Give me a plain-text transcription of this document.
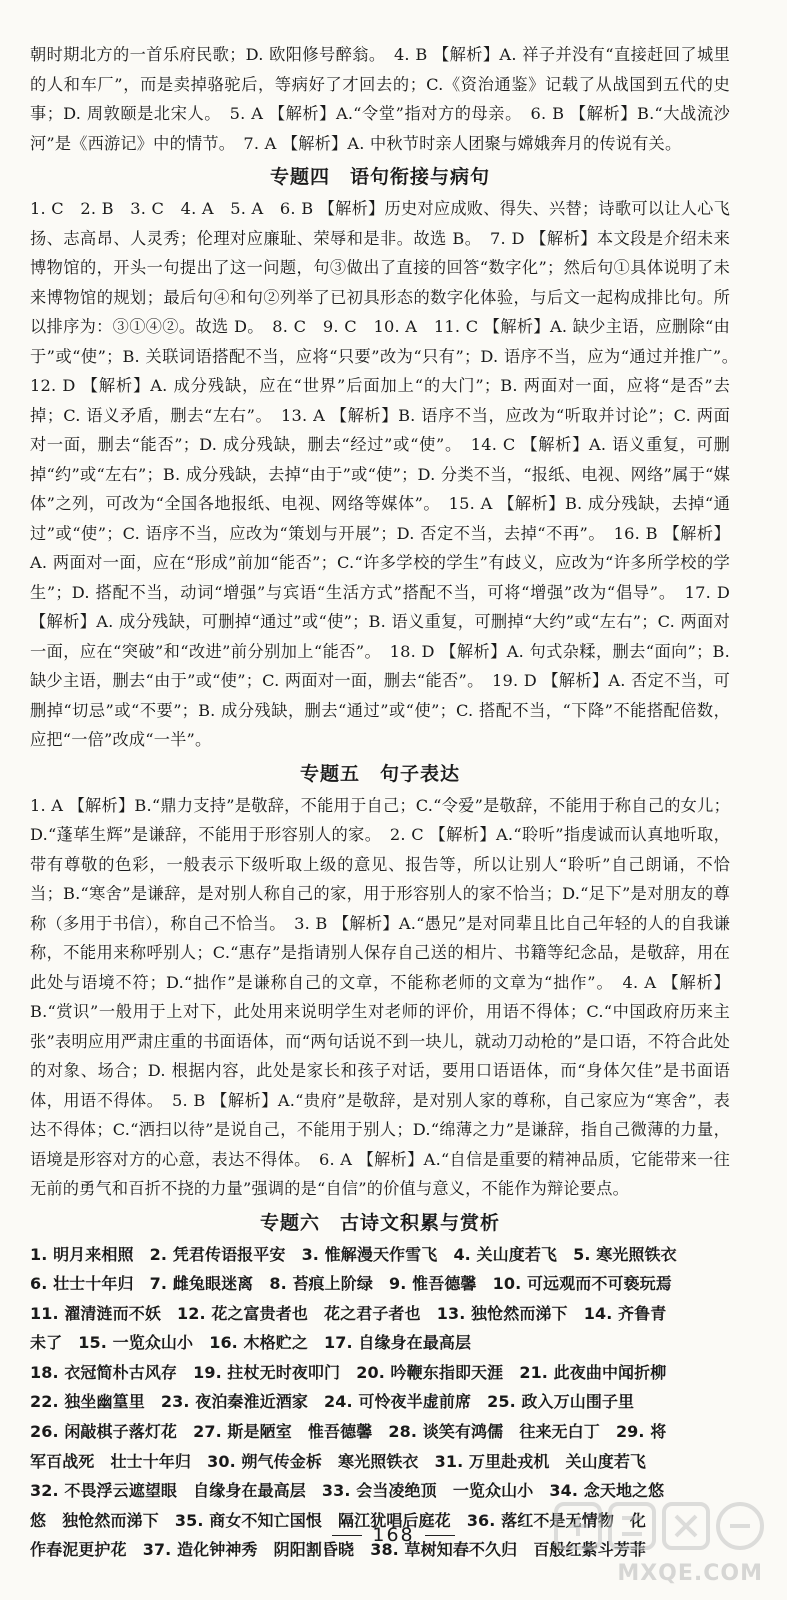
朝时期北方的一首乐府民歌；D. 欧阳修号醉翁。　4. B 【解析】A. 祥子并没有“直接赶回了城里的人和车厂”，而是卖掉骆驼后，等病好了才回去的；C.《资治通鉴》记载了从战国到五代的史事；D. 周敦颐是北宋人。　5. A 【解析】A.“令堂”指对方的母亲。　6. B 【解析】B.“大战流沙河”是《西游记》中的情节。　7. A 【解析】A. 中秋节时亲人团聚与嫦娥奔月的传说有关。

专题四　语句衔接与病句

1. C　2. B　3. C　4. A　5. A　6. B 【解析】历史对应成败、得失、兴替；诗歌可以让人心飞扬、志高昂、人灵秀；伦理对应廉耻、荣辱和是非。故选 B。　7. D 【解析】本文段是介绍未来博物馆的，开头一句提出了这一问题，句③做出了直接的回答“数字化”；然后句①具体说明了未来博物馆的规划；最后句④和句②列举了已初具形态的数字化体验，与后文一起构成排比句。所以排序为：③①④②。故选 D。　8. C　9. C　10. A　11. C 【解析】A. 缺少主语，应删除“由于”或“使”；B. 关联词语搭配不当，应将“只要”改为“只有”；D. 语序不当，应为“通过并推广”。　12. D 【解析】A. 成分残缺，应在“世界”后面加上“的大门”；B. 两面对一面，应将“是否”去掉；C. 语义矛盾，删去“左右”。　13. A 【解析】B. 语序不当，应改为“听取并讨论”；C. 两面对一面，删去“能否”；D. 成分残缺，删去“经过”或“使”。　14. C 【解析】A. 语义重复，可删掉“约”或“左右”；B. 成分残缺，去掉“由于”或“使”；D. 分类不当，“报纸、电视、网络”属于“媒体”之列，可改为“全国各地报纸、电视、网络等媒体”。　15. A 【解析】B. 成分残缺，去掉“通过”或“使”；C. 语序不当，应改为“策划与开展”；D. 否定不当，去掉“不再”。　16. B 【解析】A. 两面对一面，应在“形成”前加“能否”；C.“许多学校的学生”有歧义，应改为“许多所学校的学生”；D. 搭配不当，动词“增强”与宾语“生活方式”搭配不当，可将“增强”改为“倡导”。　17. D 【解析】A. 成分残缺，可删掉“通过”或“使”；B. 语义重复，可删掉“大约”或“左右”；C. 两面对一面，应在“突破”和“改进”前分别加上“能否”。　18. D 【解析】A. 句式杂糅，删去“面向”；B. 缺少主语，删去“由于”或“使”；C. 两面对一面，删去“能否”。　19. D 【解析】A. 否定不当，可删掉“切忌”或“不要”；B. 成分残缺，删去“通过”或“使”；C. 搭配不当，“下降”不能搭配倍数，应把“一倍”改成“一半”。

专题五　句子表达

1. A 【解析】B.“鼎力支持”是敬辞，不能用于自己；C.“令爱”是敬辞，不能用于称自己的女儿；D.“蓬荜生辉”是谦辞，不能用于形容别人的家。　2. C 【解析】A.“聆听”指虔诚而认真地听取，带有尊敬的色彩，一般表示下级听取上级的意见、报告等，所以让别人“聆听”自己朗诵，不恰当；B.“寒舍”是谦辞，是对别人称自己的家，用于形容别人的家不恰当；D.“足下”是对朋友的尊称（多用于书信），称自己不恰当。　3. B 【解析】A.“愚兄”是对同辈且比自己年轻的人的自我谦称，不能用来称呼别人；C.“惠存”是指请别人保存自己送的相片、书籍等纪念品，是敬辞，用在此处与语境不符；D.“拙作”是谦称自己的文章，不能称老师的文章为“拙作”。　4. A 【解析】B.“赏识”一般用于上对下，此处用来说明学生对老师的评价，用语不得体；C.“中国政府历来主张”表明应用严肃庄重的书面语体，而“两句话说不到一块儿，就动刀动枪的”是口语，不符合此处的对象、场合；D. 根据内容，此处是家长和孩子对话，要用口语语体，而“身体欠佳”是书面语体，用语不得体。　5. B 【解析】A.“贵府”是敬辞，是对别人家的尊称，自己家应为“寒舍”，表达不得体；C.“洒扫以待”是说自己，不能用于别人；D.“绵薄之力”是谦辞，指自己微薄的力量，语境是形容对方的心意，表达不得体。　6. A 【解析】A.“自信是重要的精神品质，它能带来一往无前的勇气和百折不挠的力量”强调的是“自信”的价值与意义，不能作为辩论要点。

专题六　古诗文积累与赏析
1. 明月来相照　2. 凭君传语报平安　3. 惟解漫天作雪飞　4. 关山度若飞　5. 寒光照铁衣
6. 壮士十年归　7. 雌兔眼迷离　8. 苔痕上阶绿　9. 惟吾德馨　10. 可远观而不可亵玩焉
11. 濯清涟而不妖　12. 花之富贵者也　花之君子者也　13. 独怆然而涕下　14. 齐鲁青
未了　15. 一览众山小　16. 木格贮之　17. 自缘身在最高层
18. 衣冠简朴古风存　19. 拄杖无时夜叩门　20. 吟鞭东指即天涯　21. 此夜曲中闻折柳
22. 独坐幽篁里　23. 夜泊秦淮近酒家　24. 可怜夜半虚前席　25. 政入万山围子里
26. 闲敲棋子落灯花　27. 斯是陋室　惟吾德馨　28. 谈笑有鸿儒　往来无白丁　29. 将
军百战死　壮士十年归　30. 朔气传金柝　寒光照铁衣　31. 万里赴戎机　关山度若飞
32. 不畏浮云遮望眼　自缘身在最高层　33. 会当凌绝顶　一览众山小　34. 念天地之悠
悠　独怆然而涕下　35. 商女不知亡国恨　隔江犹唱后庭花　36. 落红不是无情物　化
作春泥更护花　37. 造化钟神秀　阴阳割昏晓　38. 草树知春不久归　百般红紫斗芳菲
168
MXQE.COM
